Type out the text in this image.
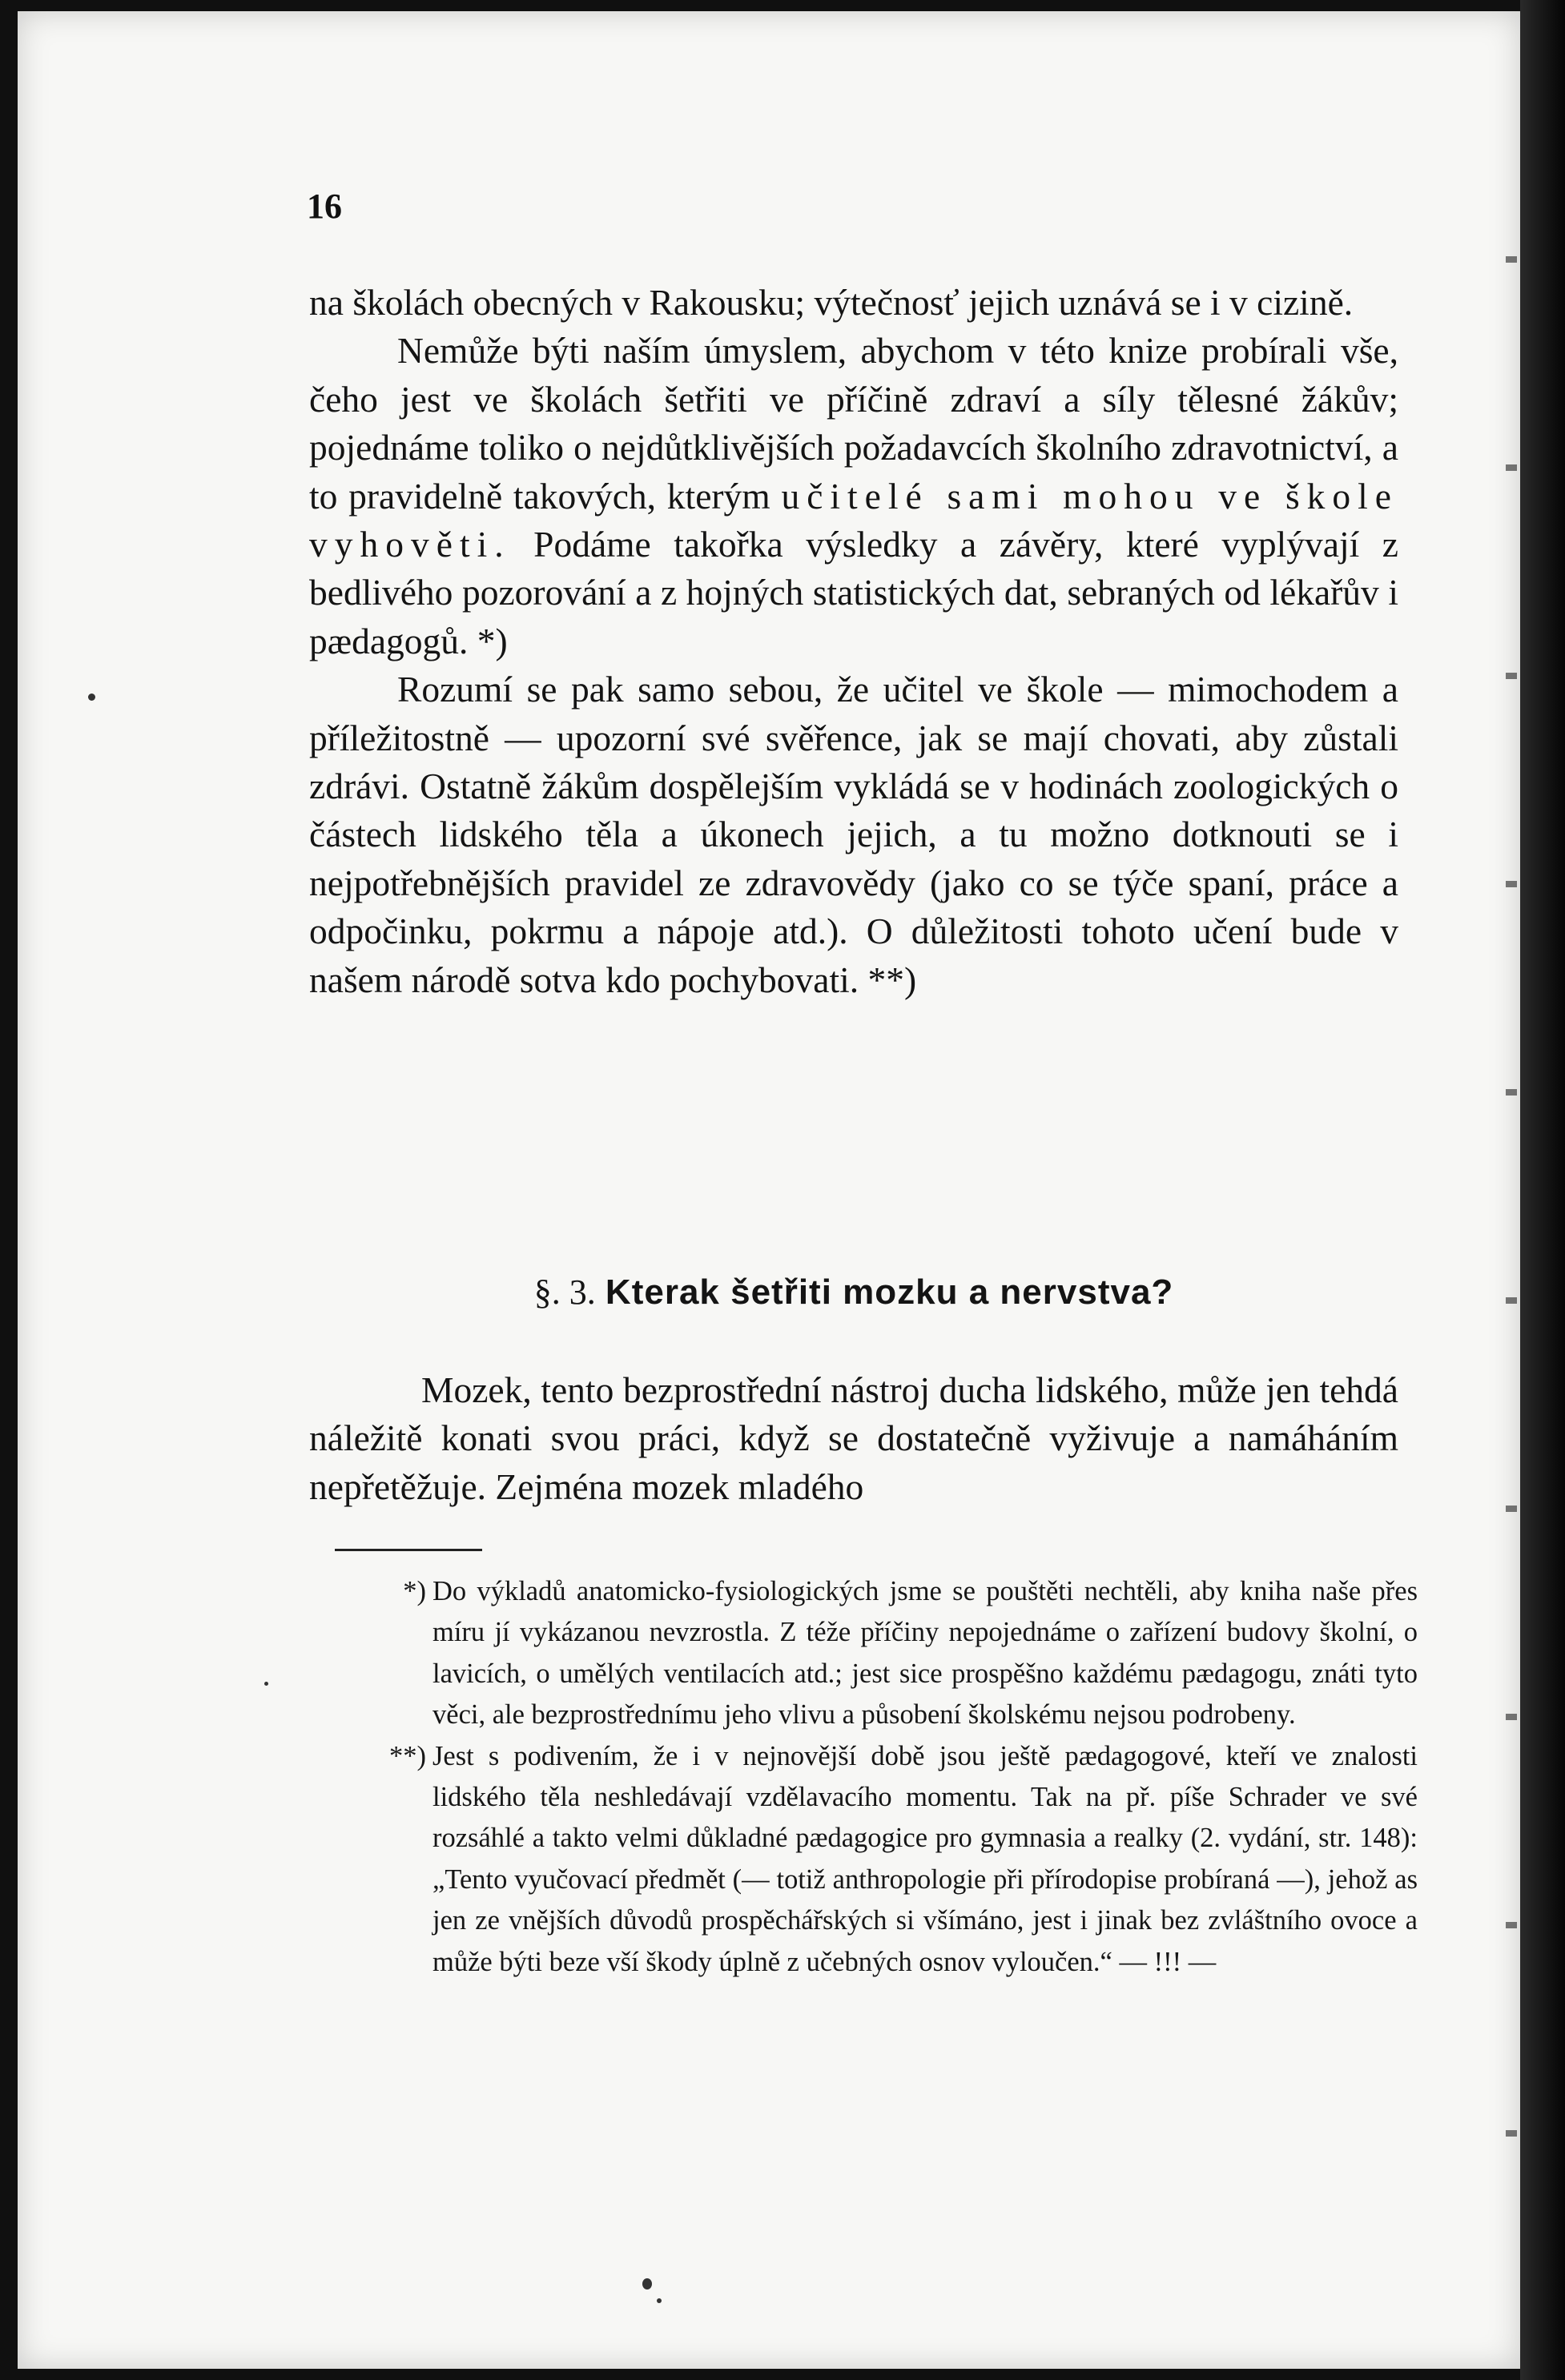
16

na školách obecných v Rakousku; výtečnosť jejich uznává se i v cizině.

Nemůže býti naším úmyslem, abychom v této knize probírali vše, čeho jest ve školách šetřiti ve příčině zdraví a síly tělesné žákův; pojednáme toliko o nejdůtklivějších požadavcích školního zdravotnictví, a to pravidelně takových, kterým učitelé sami mohou ve škole vyhověti. Podáme takořka výsledky a závěry, které vyplývají z bedlivého pozorování a z hojných statistických dat, sebraných od lékařův i pædagogů. *)

Rozumí se pak samo sebou, že učitel ve škole — mimochodem a příležitostně — upozorní své svěřence, jak se mají chovati, aby zůstali zdrávi. Ostatně žákům dospělejším vykládá se v hodinách zoologických o částech lidského těla a úkonech jejich, a tu možno dotknouti se i nejpotřebnějších pravidel ze zdravovědy (jako co se týče spaní, práce a odpočinku, pokrmu a nápoje atd.). O důležitosti tohoto učení bude v našem národě sotva kdo pochybovati. **)

§. 3. Kterak šetřiti mozku a nervstva?
Mozek, tento bezprostřední nástroj ducha lidského, může jen tehdá náležitě konati svou práci, když se dostatečně vyživuje a namáháním nepřetěžuje. Zejména mozek mladého

*) Do výkladů anatomicko-fysiologických jsme se pouštěti nechtěli, aby kniha naše přes míru jí vykázanou nevzrostla. Z téže příčiny nepojednáme o zařízení budovy školní, o lavicích, o umělých ventilacích atd.; jest sice prospěšno každému pædagogu, znáti tyto věci, ale bezprostřednímu jeho vlivu a působení školskému nejsou podrobeny.

**) Jest s podivením, že i v nejnovější době jsou ještě pædagogové, kteří ve znalosti lidského těla neshledávají vzdělavacího momentu. Tak na př. píše Schrader ve své rozsáhlé a takto velmi důkladné pædagogice pro gymnasia a realky (2. vydání, str. 148): „Tento vyučovací předmět (— totiž anthropologie při přírodopise probíraná —), jehož as jen ze vnějších důvodů prospěchářských si všímáno, jest i jinak bez zvláštního ovoce a může býti beze vší škody úplně z učebných osnov vyloučen.“ — !!! —
